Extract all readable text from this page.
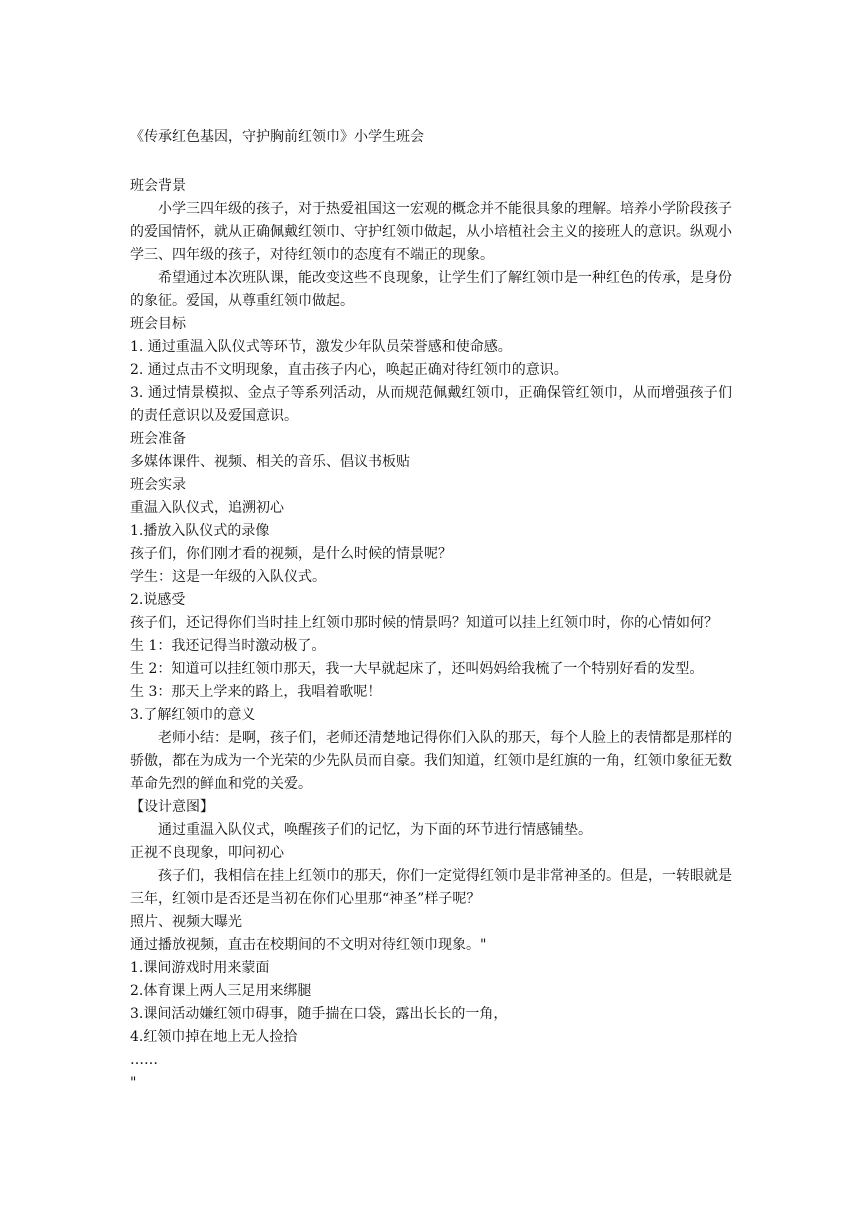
《传承红色基因，守护胸前红领巾》小学生班会

班会背景

小学三四年级的孩子，对于热爱祖国这一宏观的概念并不能很具象的理解。培养小学阶段孩子的爱国情怀，就从正确佩戴红领巾、守护红领巾做起，从小培植社会主义的接班人的意识。纵观小学三、四年级的孩子，对待红领巾的态度有不端正的现象。

希望通过本次班队课，能改变这些不良现象，让学生们了解红领巾是一种红色的传承，是身份的象征。爱国，从尊重红领巾做起。

班会目标

1. 通过重温入队仪式等环节，激发少年队员荣誉感和使命感。

2. 通过点击不文明现象，直击孩子内心，唤起正确对待红领巾的意识。

3. 通过情景模拟、金点子等系列活动，从而规范佩戴红领巾，正确保管红领巾，从而增强孩子们的责任意识以及爱国意识。

班会准备

多媒体课件、视频、相关的音乐、倡议书板贴

班会实录

重温入队仪式，追溯初心

1.播放入队仪式的录像

孩子们，你们刚才看的视频，是什么时候的情景呢？

学生：这是一年级的入队仪式。

2.说感受

孩子们，还记得你们当时挂上红领巾那时候的情景吗？知道可以挂上红领巾时，你的心情如何？

生 1：我还记得当时激动极了。

生 2：知道可以挂红领巾那天，我一大早就起床了，还叫妈妈给我梳了一个特别好看的发型。

生 3：那天上学来的路上，我唱着歌呢！

3.了解红领巾的意义

老师小结：是啊，孩子们，老师还清楚地记得你们入队的那天，每个人脸上的表情都是那样的骄傲，都在为成为一个光荣的少先队员而自豪。我们知道，红领巾是红旗的一角，红领巾象征无数革命先烈的鲜血和党的关爱。

【设计意图】

通过重温入队仪式，唤醒孩子们的记忆，为下面的环节进行情感铺垫。

正视不良现象，叩问初心

孩子们，我相信在挂上红领巾的那天，你们一定觉得红领巾是非常神圣的。但是，一转眼就是三年，红领巾是否还是当初在你们心里那“神圣”样子呢？

照片、视频大曝光

通过播放视频，直击在校期间的不文明对待红领巾现象。"

1.课间游戏时用来蒙面

2.体育课上两人三足用来绑腿

3.课间活动嫌红领巾碍事，随手揣在口袋，露出长长的一角，

4.红领巾掉在地上无人捡拾

……

"
